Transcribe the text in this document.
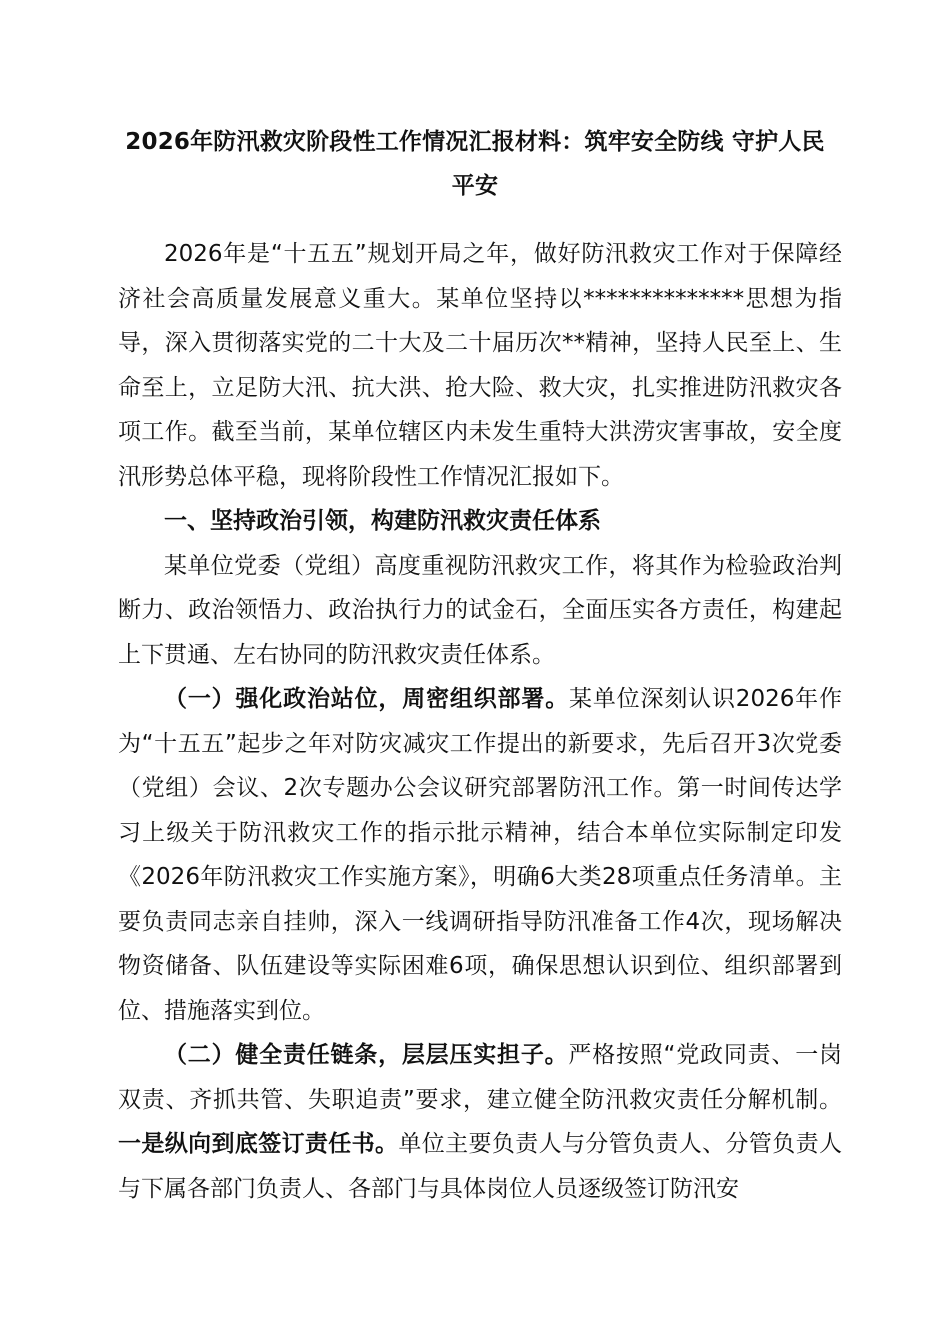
2026年防汛救灾阶段性工作情况汇报材料：筑牢安全防线 守护人民平安

2026年是“十五五”规划开局之年，做好防汛救灾工作对于保障经济社会高质量发展意义重大。某单位坚持以**************思想为指导，深入贯彻落实党的二十大及二十届历次**精神，坚持人民至上、生命至上，立足防大汛、抗大洪、抢大险、救大灾，扎实推进防汛救灾各项工作。截至当前，某单位辖区内未发生重特大洪涝灾害事故，安全度汛形势总体平稳，现将阶段性工作情况汇报如下。

一、坚持政治引领，构建防汛救灾责任体系

某单位党委（党组）高度重视防汛救灾工作，将其作为检验政治判断力、政治领悟力、政治执行力的试金石，全面压实各方责任，构建起上下贯通、左右协同的防汛救灾责任体系。

（一）强化政治站位，周密组织部署。某单位深刻认识2026年作为“十五五”起步之年对防灾减灾工作提出的新要求，先后召开3次党委（党组）会议、2次专题办公会议研究部署防汛工作。第一时间传达学习上级关于防汛救灾工作的指示批示精神，结合本单位实际制定印发《2026年防汛救灾工作实施方案》，明确6大类28项重点任务清单。主要负责同志亲自挂帅，深入一线调研指导防汛准备工作4次，现场解决物资储备、队伍建设等实际困难6项，确保思想认识到位、组织部署到位、措施落实到位。

（二）健全责任链条，层层压实担子。严格按照“党政同责、一岗双责、齐抓共管、失职追责”要求，建立健全防汛救灾责任分解机制。一是纵向到底签订责任书。单位主要负责人与分管负责人、分管负责人与下属各部门负责人、各部门与具体岗位人员逐级签订防汛安
